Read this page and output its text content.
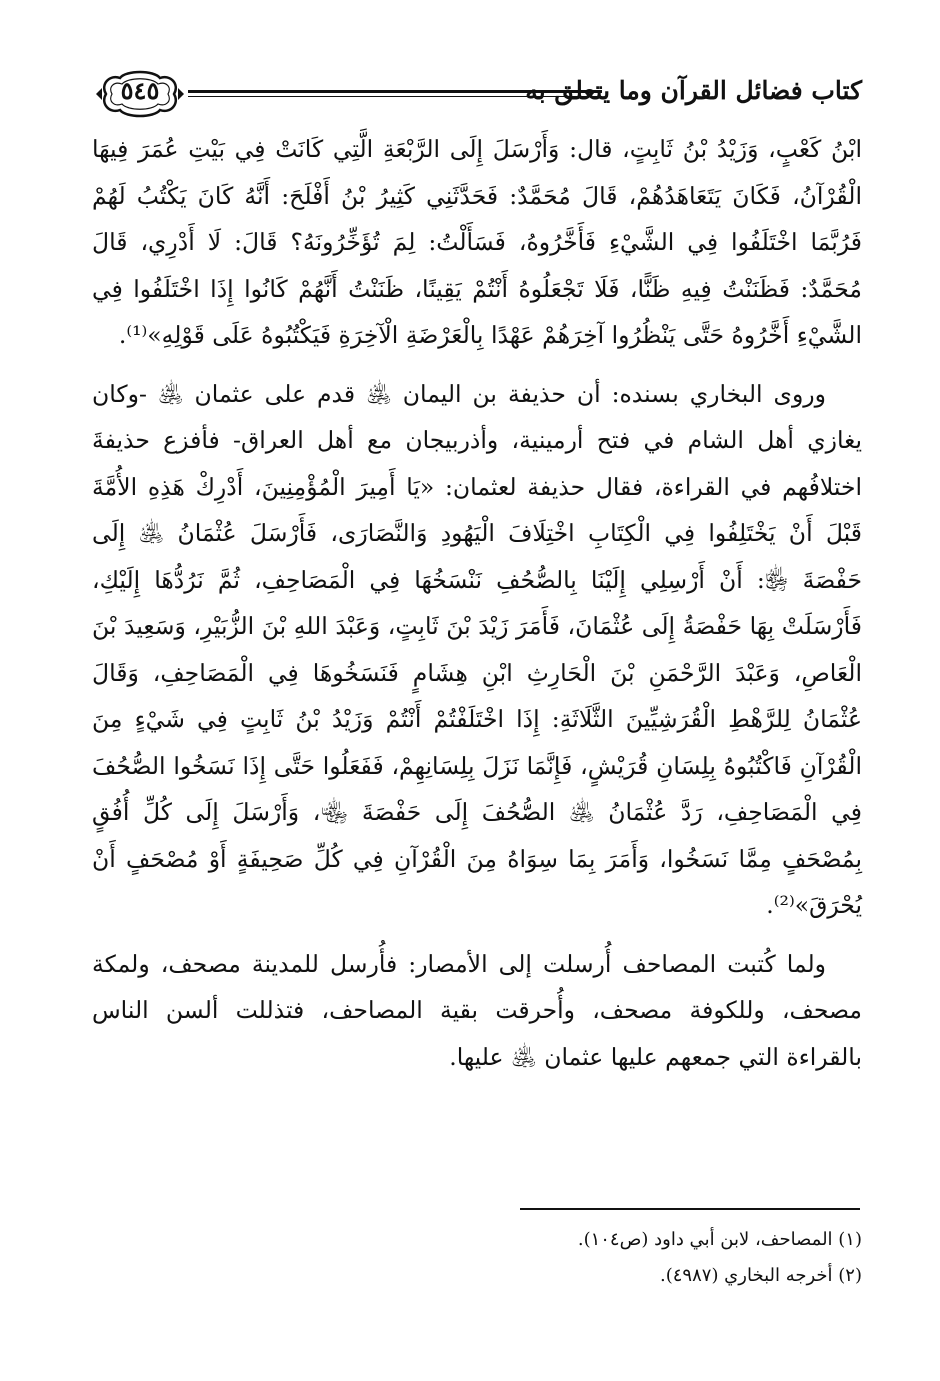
٥٤٥	كتاب فضائل القرآن وما يتعلق به

ابْنُ كَعْبٍ، وَزَيْدُ بْنُ ثَابِتٍ، قال: وَأَرْسَلَ إِلَى الرَّبْعَةِ الَّتِي كَانَتْ فِي بَيْتِ عُمَرَ فِيهَا الْقُرْآنُ، فَكَانَ يَتَعَاهَدُهُمْ، قَالَ مُحَمَّدٌ: فَحَدَّثَنِي كَثِيرُ بْنُ أَفْلَحَ: أَنَّهُ كَانَ يَكْتُبُ لَهُمْ فَرُبَّمَا اخْتَلَفُوا فِي الشَّيْءِ فَأَخَّرُوهُ، فَسَأَلْتُ: لِمَ تُؤَخِّرُونَهُ؟ قَالَ: لَا أَدْرِي، قَالَ مُحَمَّدٌ: فَظَنَنْتُ فِيهِ ظَنًّا، فَلَا تَجْعَلُوهُ أَنْتُمْ يَقِينًا، ظَنَنْتُ أَنَّهُمْ كَانُوا إِذَا اخْتَلَفُوا فِي الشَّيْءِ أَخَّرُوهُ حَتَّى يَنْظُرُوا آخِرَهُمْ عَهْدًا بِالْعَرْضَةِ الْآخِرَةِ فَيَكْتُبُوهُ عَلَى قَوْلِهِ»⁽¹⁾.

وروى البخاري بسنده: أن حذيفة بن اليمان ﵁ قدم على عثمان ﵁ -وكان يغازي أهل الشام في فتح أرمينية، وأذربيجان مع أهل العراق- فأفزع حذيفةَ اختلافُهم في القراءة، فقال حذيفة لعثمان: «يَا أَمِيرَ الْمُؤْمِنِينَ، أَدْرِكْ هَذِهِ الأُمَّةَ قَبْلَ أَنْ يَخْتَلِفُوا فِي الْكِتَابِ اخْتِلَافَ الْيَهُودِ وَالنَّصَارَى، فَأَرْسَلَ عُثْمَانُ ﵁ إِلَى حَفْصَةَ ﵂: أَنْ أَرْسِلِي إِلَيْنَا بِالصُّحُفِ نَنْسَخُهَا فِي الْمَصَاحِفِ، ثُمَّ نَرُدُّهَا إِلَيْكِ، فَأَرْسَلَتْ بِهَا حَفْصَةُ إِلَى عُثْمَانَ، فَأَمَرَ زَيْدَ بْنَ ثَابِتٍ، وَعَبْدَ اللهِ بْنَ الزُّبَيْرِ، وَسَعِيدَ بْنَ الْعَاصِ، وَعَبْدَ الرَّحْمَنِ بْنَ الْحَارِثِ ابْنِ هِشَامٍ فَنَسَخُوهَا فِي الْمَصَاحِفِ، وَقَالَ عُثْمَانُ لِلرَّهْطِ الْقُرَشِيِّينَ الثَّلَاثَةِ: إِذَا اخْتَلَفْتُمْ أَنْتُمْ وَزَيْدُ بْنُ ثَابِتٍ فِي شَيْءٍ مِنَ الْقُرْآنِ فَاكْتُبُوهُ بِلِسَانِ قُرَيْشٍ، فَإِنَّمَا نَزَلَ بِلِسَانِهِمْ، فَفَعَلُوا حَتَّى إِذَا نَسَخُوا الصُّحُفَ فِي الْمَصَاحِفِ، رَدَّ عُثْمَانُ ﵁ الصُّحُفَ إِلَى حَفْصَةَ ﵄، وَأَرْسَلَ إِلَى كُلِّ أُفُقٍ بِمُصْحَفٍ مِمَّا نَسَخُوا، وَأَمَرَ بِمَا سِوَاهُ مِنَ الْقُرْآنِ فِي كُلِّ صَحِيفَةٍ أَوْ مُصْحَفٍ أَنْ يُحْرَقَ»⁽²⁾.

ولما كُتبت المصاحف أُرسلت إلى الأمصار: فأُرسل للمدينة مصحف، ولمكة مصحف، وللكوفة مصحف، وأُحرقت بقية المصاحف، فتذللت ألسن الناس بالقراءة التي جمعهم عليها عثمان ﵁ عليها.

(١) المصاحف، لابن أبي داود (ص١٠٤).
(٢) أخرجه البخاري (٤٩٨٧).
